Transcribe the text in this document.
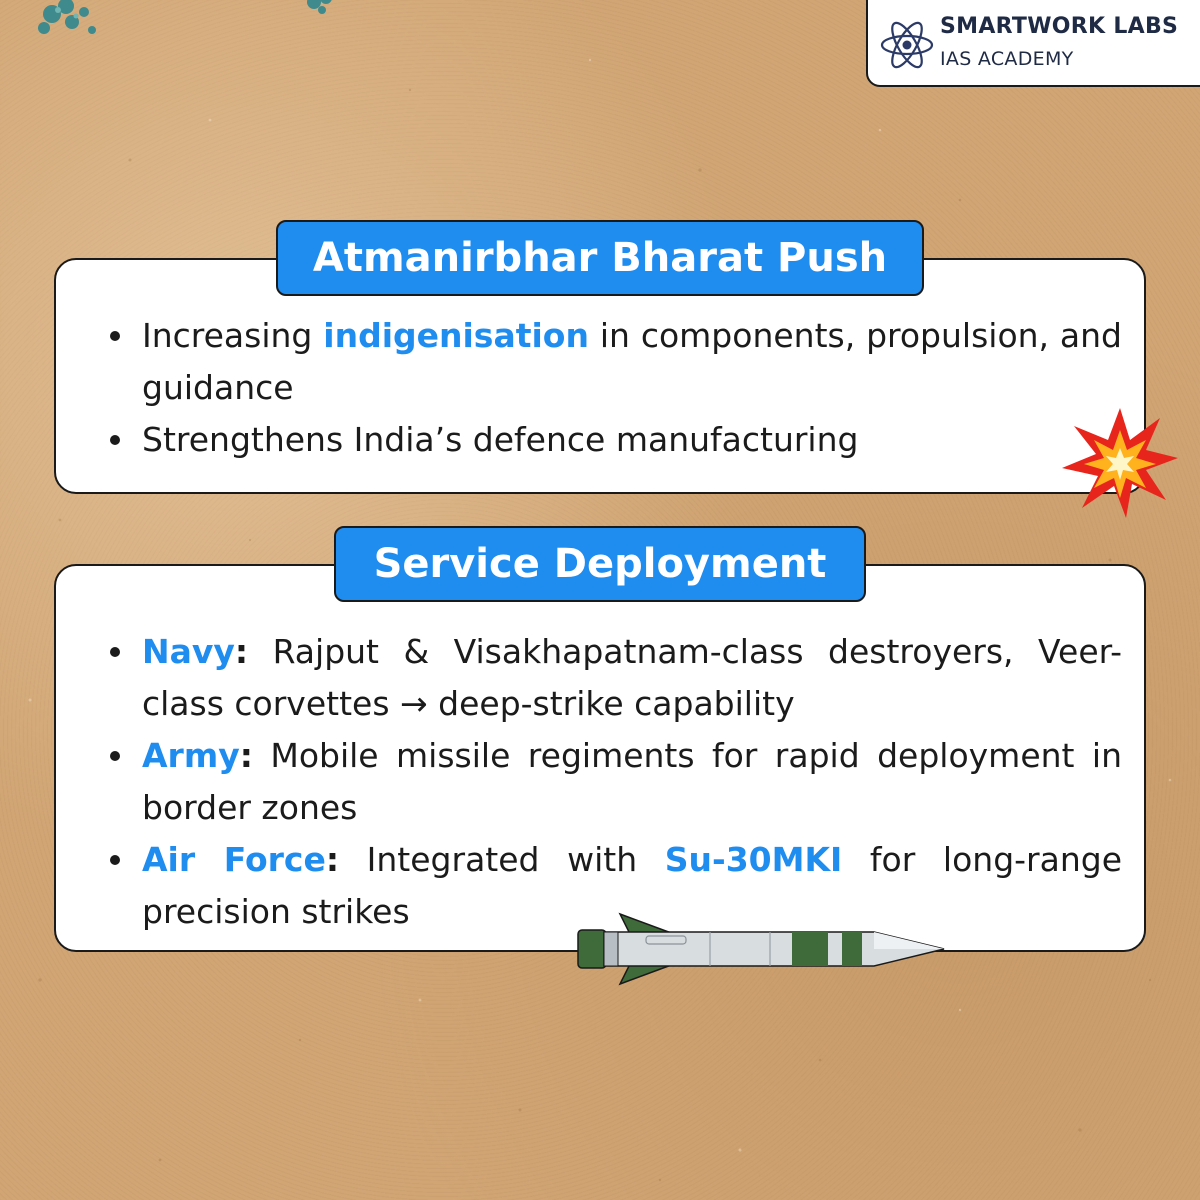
SMARTWORK LABS
IAS ACADEMY
Atmanirbhar Bharat Push
Increasing indigenisation in components, propulsion, and guidance
Strengthens India’s defence manufacturing
Service Deployment
Navy: Rajput & Visakhapatnam-class destroyers, Veer-class corvettes → deep-strike capability
Army: Mobile missile regiments for rapid deployment in border zones
Air Force: Integrated with Su-30MKI for long-range precision strikes
